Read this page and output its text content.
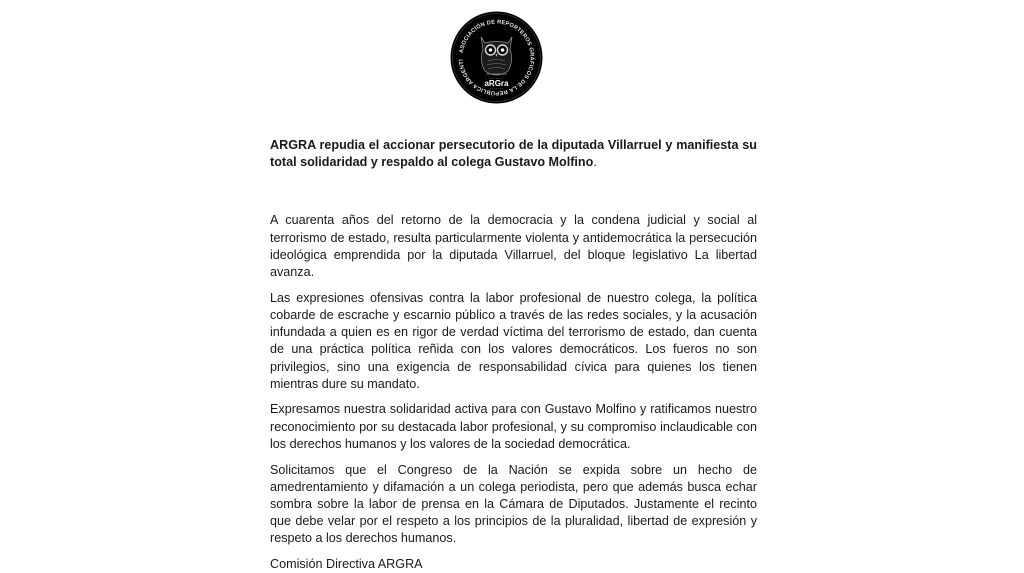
ASOCIACIÓN DE REPORTEROS GRÁFICOS DE LA REPÚBLICA ARGENTI
aRGra

ARGRA repudia el accionar persecutorio de la diputada Villarruel y manifiesta su total solidaridad y respaldo al colega Gustavo Molfino.

A cuarenta años del retorno de la democracia y la condena judicial y social al terrorismo de estado, resulta particularmente violenta y antidemocrática la persecución ideológica emprendida por la diputada Villarruel, del bloque legislativo La libertad avanza.

Las expresiones ofensivas contra la labor profesional de nuestro colega, la política cobarde de escrache y escarnio público a través de las redes sociales, y la acusación infundada a quien es en rigor de verdad víctima del terrorismo de estado, dan cuenta de una práctica política reñida con los valores democráticos. Los fueros no son privilegios, sino una exigencia de responsabilidad cívica para quienes los tienen mientras dure su mandato.

Expresamos nuestra solidaridad activa para con Gustavo Molfino y ratificamos nuestro reconocimiento por su destacada labor profesional, y su compromiso inclaudicable con los derechos humanos y los valores de la sociedad democrática.

Solicitamos que el Congreso de la Nación se expida sobre un hecho de amedrentamiento y difamación a un colega periodista, pero que además busca echar sombra sobre la labor de prensa en la Cámara de Diputados. Justamente el recinto que debe velar por el respeto a los principios de la pluralidad, libertad de expresión y respeto a los derechos humanos.

Comisión Directiva ARGRA
